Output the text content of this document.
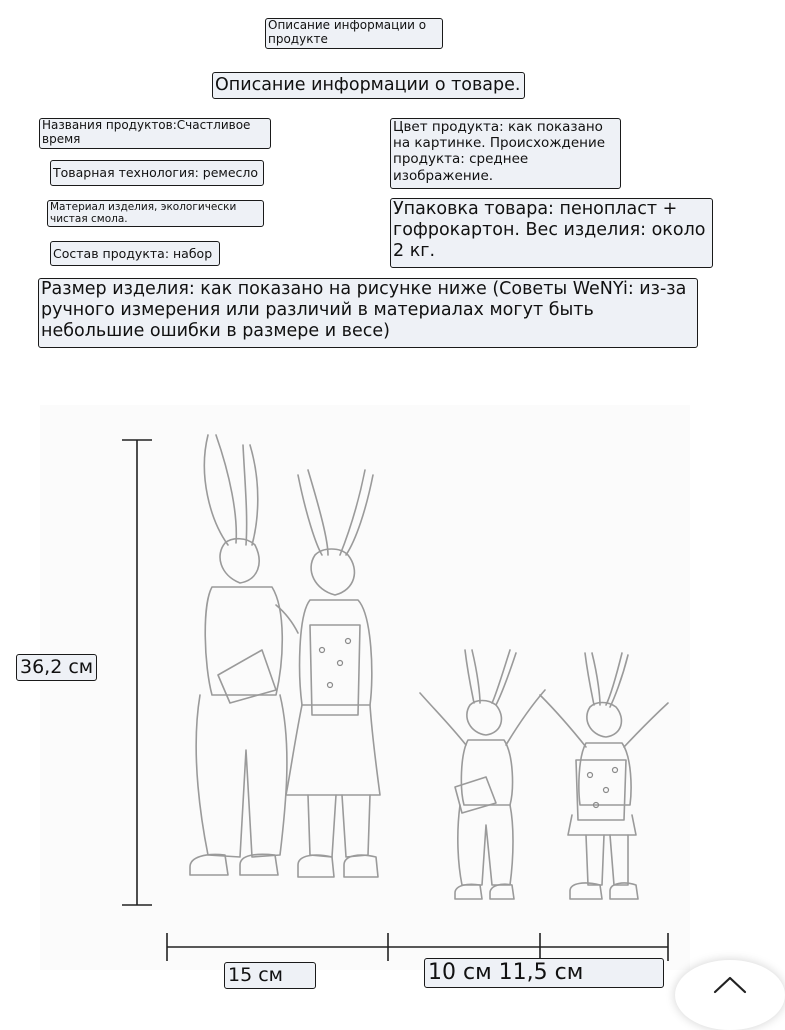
Описание информации о продукте
Описание информации о товаре.
Названия продуктов:Счастливое время
Товарная технология: ремесло
Материал изделия, экологически чистая смола.
Состав продукта: набор
Цвет продукта: как показано на картинке. Происхождение продукта: среднее изображение.
Упаковка товара: пенопласт + гофрокартон. Вес изделия: около 2 кг.
Размер изделия: как показано на рисунке ниже (Советы WeNYi: из-за ручного измерения или различий в материалах могут быть небольшие ошибки в размере и весе)
36,2 см
15 см	10 см 11,5 см
